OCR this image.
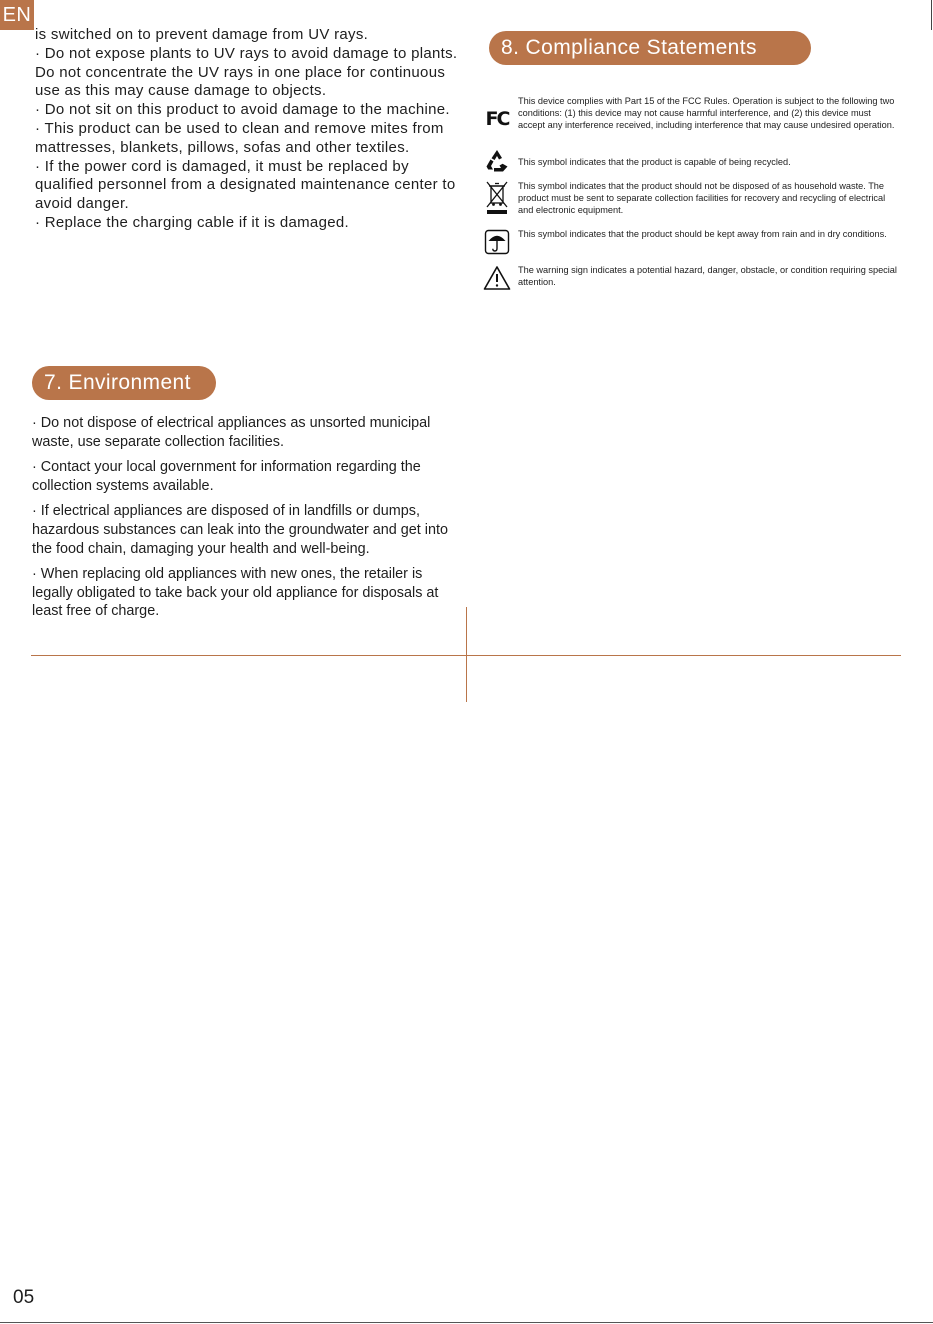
EN

is switched on to prevent damage from UV rays.

· Do not expose plants to UV rays to avoid damage to plants. Do not concentrate the UV rays in one place for continuous use as this may cause damage to objects.

· Do not sit on this product to avoid damage to the machine.

· This product can be used to clean and remove mites from mattresses, blankets, pillows, sofas and other textiles.

· If the power cord is damaged, it must be replaced by qualified personnel from a designated maintenance center to avoid danger.

· Replace the charging cable if it is damaged.

7. Environment

· Do not dispose of electrical appliances as unsorted municipal waste, use separate collection facilities.

· Contact your local government for information regarding the collection systems available.

· If electrical appliances are disposed of in landfills or dumps, hazardous substances can leak into the groundwater and get into the food chain, damaging your health and well-being.

· When replacing old appliances with new ones, the retailer is legally obligated to take back your old appliance for disposals at least free of charge.

8. Compliance Statements
FC
This device complies with Part 15 of the FCC Rules. Operation is subject to the following two conditions: (1) this device may not cause harmful interference, and (2) this device must accept any interference received, including interference that may cause undesired operation.
This symbol indicates that the product is capable of being recycled.
This symbol indicates that the product should not be disposed of as household waste. The product must be sent to separate collection facilities for recovery and recycling of electrical and electronic equipment.
This symbol indicates that the product should be kept away from rain and in dry conditions.
The warning sign indicates a potential hazard, danger, obstacle, or condition requiring special attention.
05
